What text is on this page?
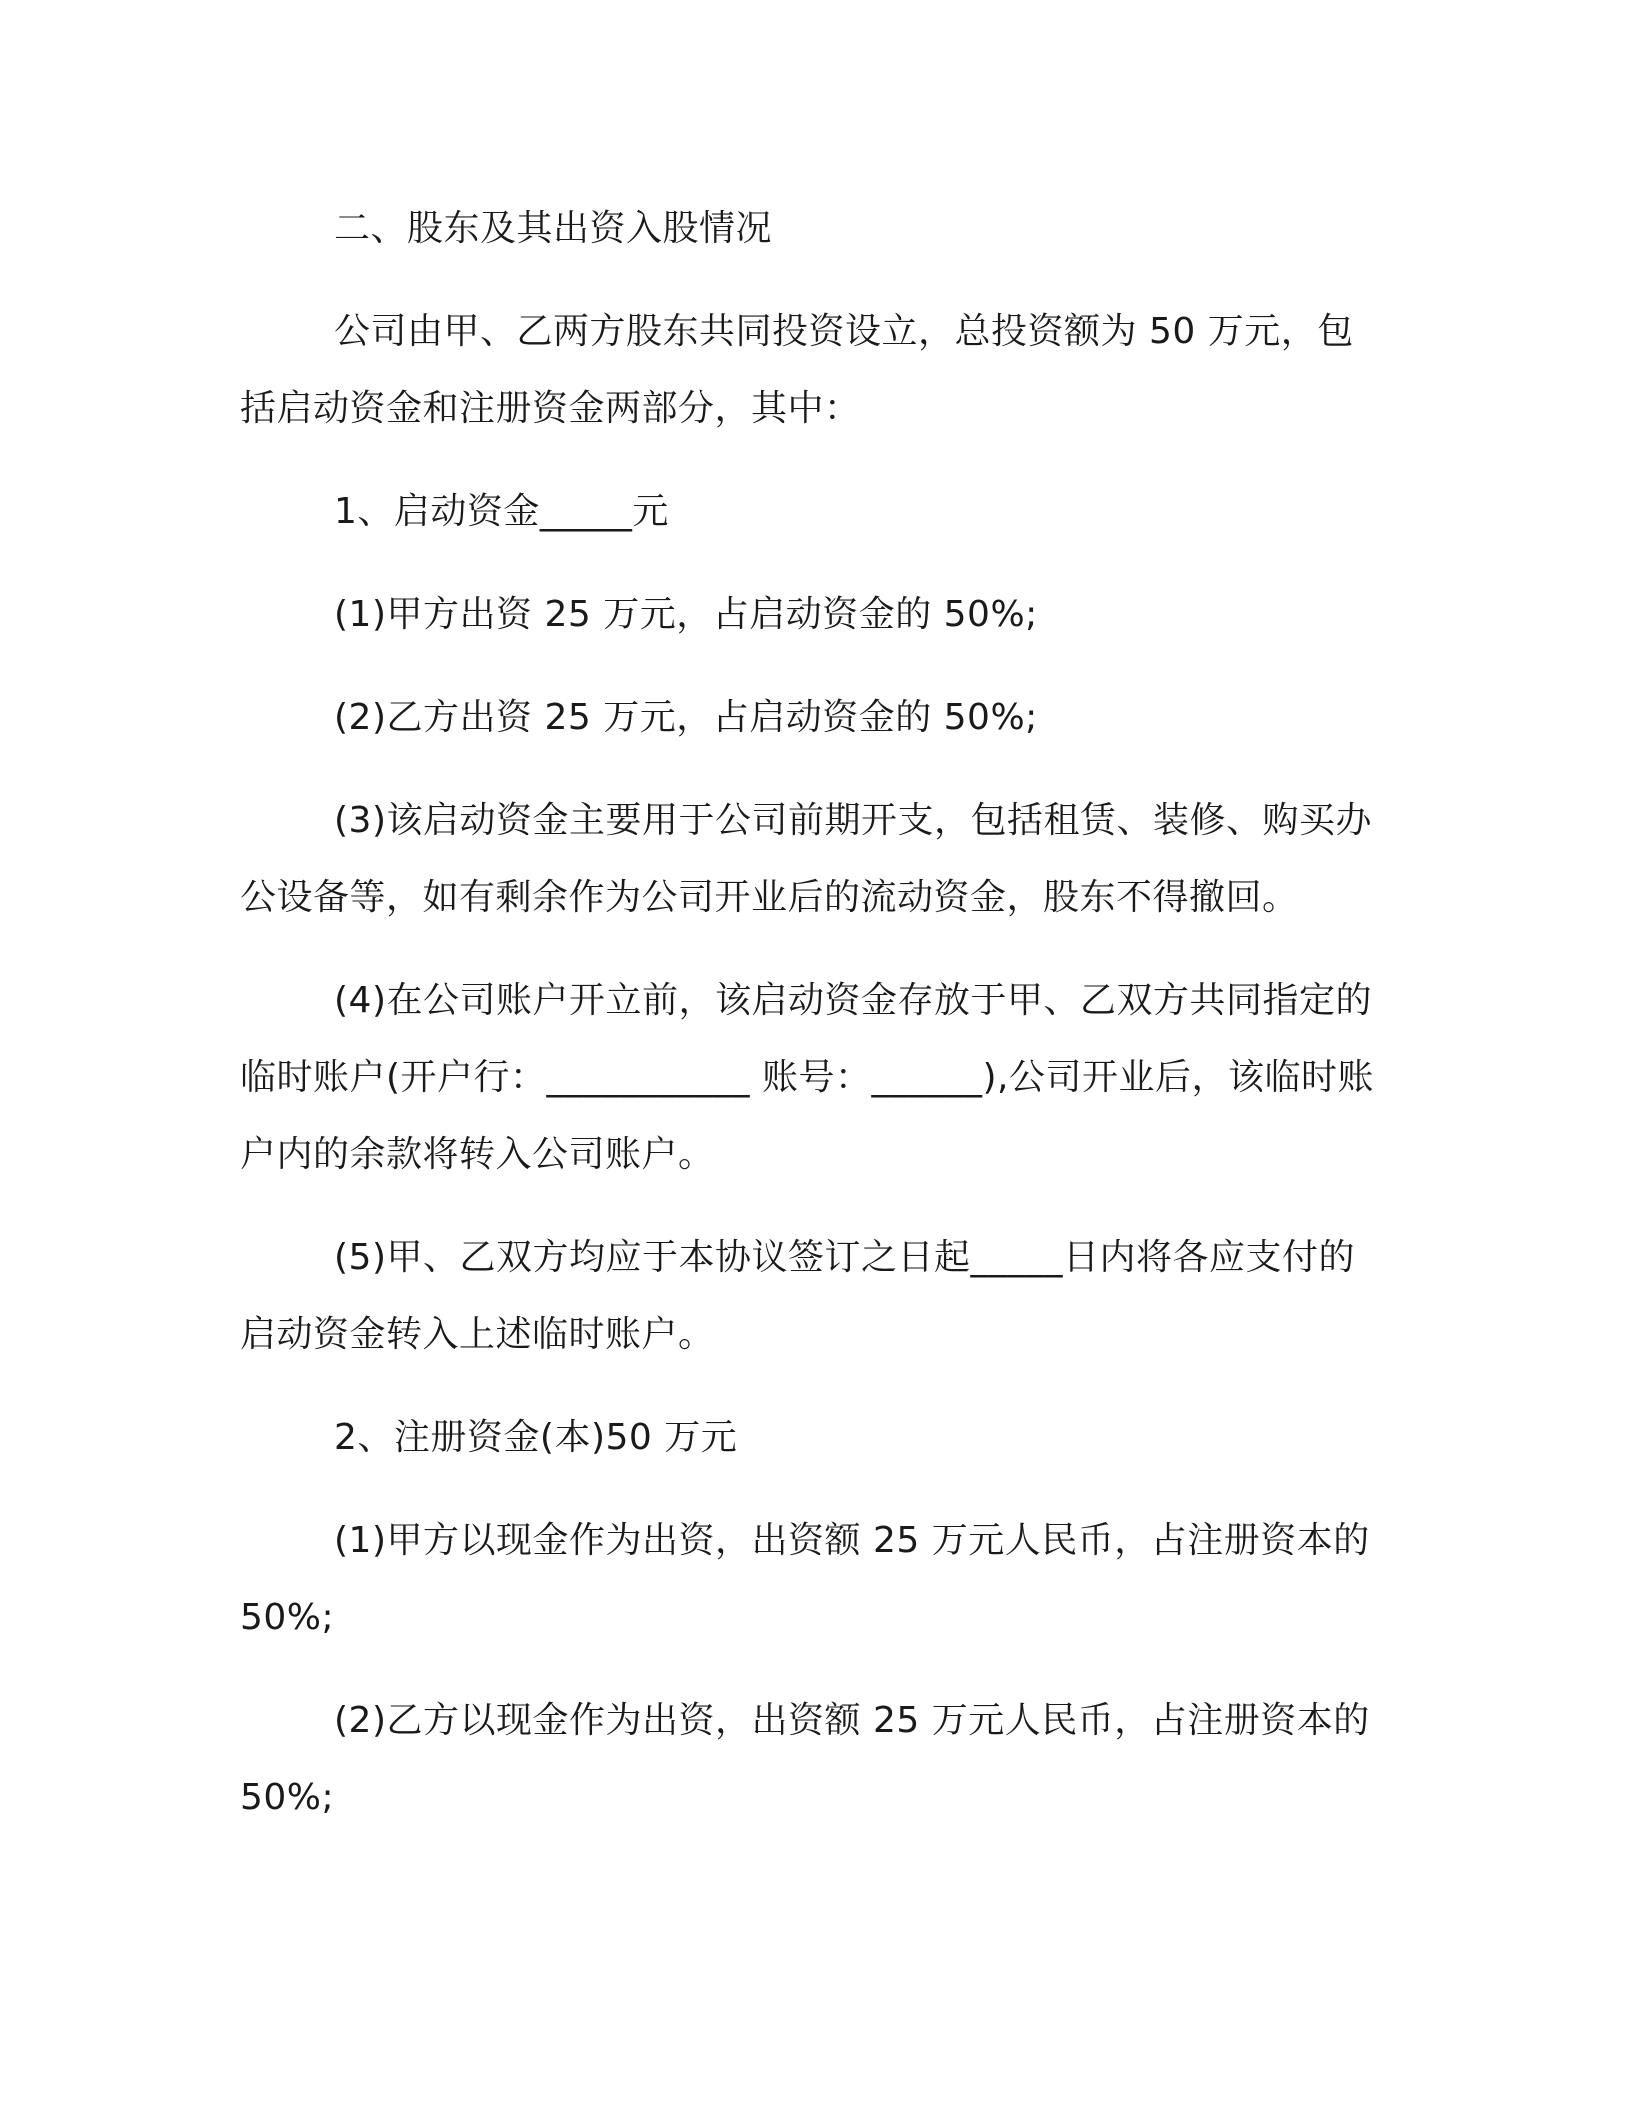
二、股东及其出资入股情况

公司由甲、乙两方股东共同投资设立，总投资额为 50 万元，包括启动资金和注册资金两部分，其中：

1、启动资金_____元

(1)甲方出资 25 万元，占启动资金的 50%;

(2)乙方出资 25 万元，占启动资金的 50%;

(3)该启动资金主要用于公司前期开支，包括租赁、装修、购买办公设备等，如有剩余作为公司开业后的流动资金，股东不得撤回。

(4)在公司账户开立前，该启动资金存放于甲、乙双方共同指定的临时账户(开户行：___________ 账号：______),公司开业后，该临时账户内的余款将转入公司账户。

(5)甲、乙双方均应于本协议签订之日起_____日内将各应支付的启动资金转入上述临时账户。

2、注册资金(本)50 万元

(1)甲方以现金作为出资，出资额 25 万元人民币，占注册资本的 50%;

(2)乙方以现金作为出资，出资额 25 万元人民币，占注册资本的 50%;
